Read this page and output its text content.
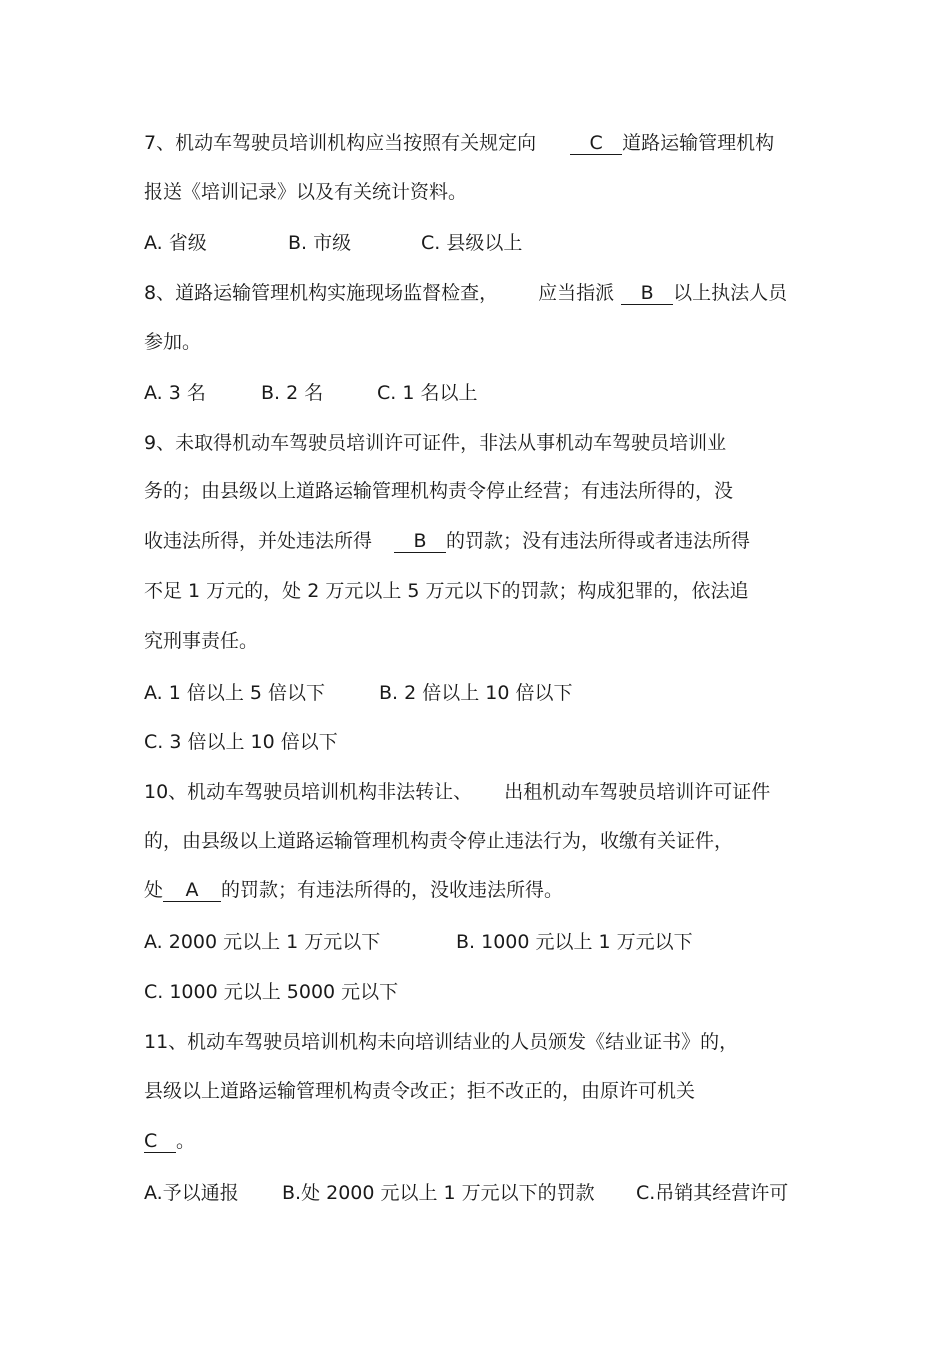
7、机动车驾驶员培训机构应当按照有关规定向	C 道路运输管理机构
报送《培训记录》以及有关统计资料。
A. 省级	B. 市级	C. 县级以上
8、道路运输管理机构实施现场监督检查， 应当指派 B 以上执法人员
参加。
A. 3 名	B. 2 名	C. 1 名以上
9、未取得机动车驾驶员培训许可证件，非法从事机动车驾驶员培训业
务的；由县级以上道路运输管理机构责令停止经营；有违法所得的，没
收违法所得，并处违法所得 B 的罚款；没有违法所得或者违法所得
不足 1 万元的，处 2 万元以上 5 万元以下的罚款；构成犯罪的，依法追
究刑事责任。
A. 1 倍以上 5 倍以下	B. 2 倍以上 10 倍以下
C. 3 倍以上 10 倍以下
10、机动车驾驶员培训机构非法转让、 出租机动车驾驶员培训许可证件
的，由县级以上道路运输管理机构责令停止违法行为，收缴有关证件，
处 A 的罚款；有违法所得的，没收违法所得。
A. 2000 元以上 1 万元以下	B. 1000 元以上 1 万元以下
C. 1000 元以上 5000 元以下
11、机动车驾驶员培训机构未向培训结业的人员颁发《结业证书》的，
县级以上道路运输管理机构责令改正；拒不改正的，由原许可机关
C 。
A.予以通报 B.处 2000 元以上 1 万元以下的罚款 C.吊销其经营许可
